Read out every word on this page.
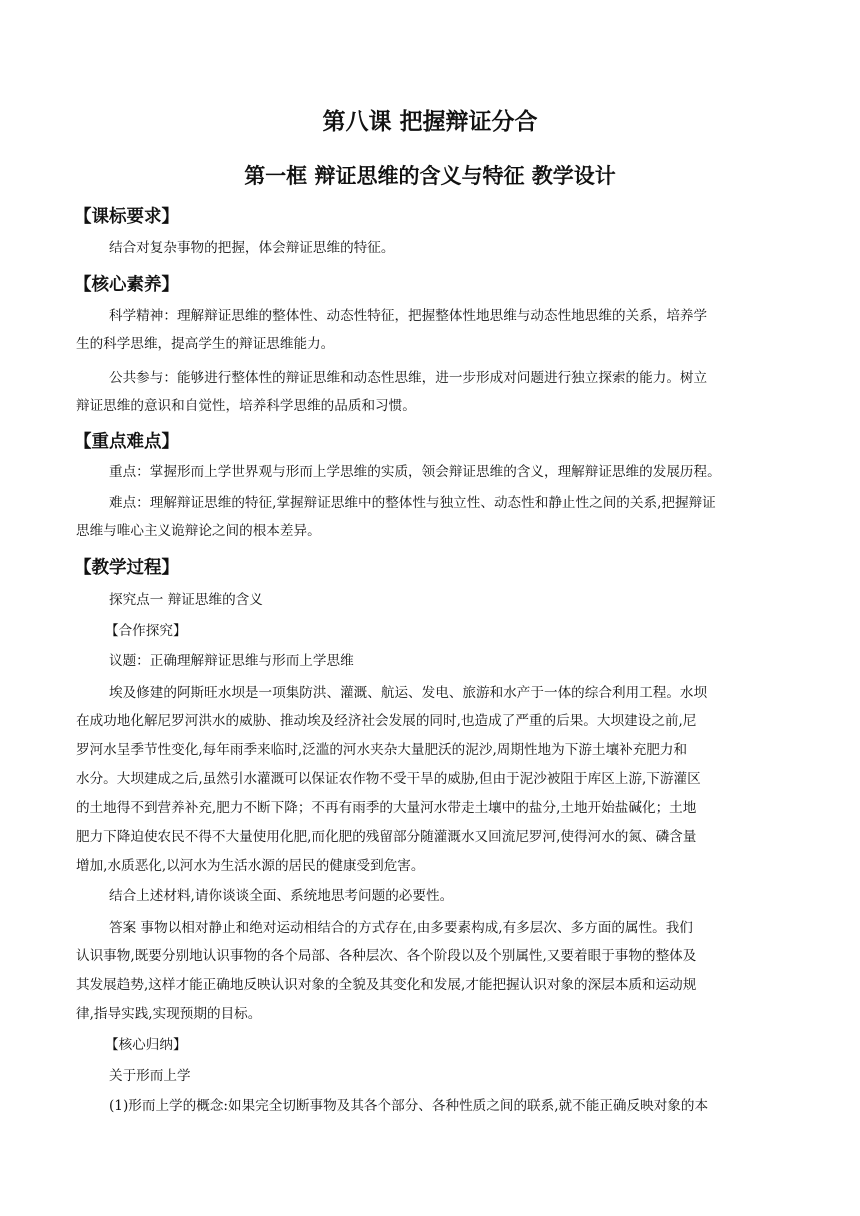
第八课 把握辩证分合
第一框 辩证思维的含义与特征 教学设计
【课标要求】

结合对复杂事物的把握，体会辩证思维的特征。

【核心素养】

科学精神：理解辩证思维的整体性、动态性特征，把握整体性地思维与动态性地思维的关系，培养学

生的科学思维，提高学生的辩证思维能力。

公共参与：能够进行整体性的辩证思维和动态性思维，进一步形成对问题进行独立探索的能力。树立

辩证思维的意识和自觉性，培养科学思维的品质和习惯。

【重点难点】

重点：掌握形而上学世界观与形而上学思维的实质，领会辩证思维的含义，理解辩证思维的发展历程。

难点：理解辩证思维的特征,掌握辩证思维中的整体性与独立性、动态性和静止性之间的关系,把握辩证

思维与唯心主义诡辩论之间的根本差异。

【教学过程】

探究点一 辩证思维的含义

【合作探究】

议题：正确理解辩证思维与形而上学思维

埃及修建的阿斯旺水坝是一项集防洪、灌溉、航运、发电、旅游和水产于一体的综合利用工程。水坝

在成功地化解尼罗河洪水的威胁、推动埃及经济社会发展的同时,也造成了严重的后果。大坝建设之前,尼

罗河水呈季节性变化,每年雨季来临时,泛滥的河水夹杂大量肥沃的泥沙,周期性地为下游土壤补充肥力和

水分。大坝建成之后,虽然引水灌溉可以保证农作物不受干旱的威胁,但由于泥沙被阻于库区上游,下游灌区

的土地得不到营养补充,肥力不断下降；不再有雨季的大量河水带走土壤中的盐分,土地开始盐碱化；土地

肥力下降迫使农民不得不大量使用化肥,而化肥的残留部分随灌溉水又回流尼罗河,使得河水的氮、磷含量

增加,水质恶化,以河水为生活水源的居民的健康受到危害。

结合上述材料,请你谈谈全面、系统地思考问题的必要性。

答案 事物以相对静止和绝对运动相结合的方式存在,由多要素构成,有多层次、多方面的属性。我们

认识事物,既要分别地认识事物的各个局部、各种层次、各个阶段以及个别属性,又要着眼于事物的整体及

其发展趋势,这样才能正确地反映认识对象的全貌及其变化和发展,才能把握认识对象的深层本质和运动规

律,指导实践,实现预期的目标。

【核心归纳】

关于形而上学

(1)形而上学的概念:如果完全切断事物及其各个部分、各种性质之间的联系,就不能正确反映对象的本
